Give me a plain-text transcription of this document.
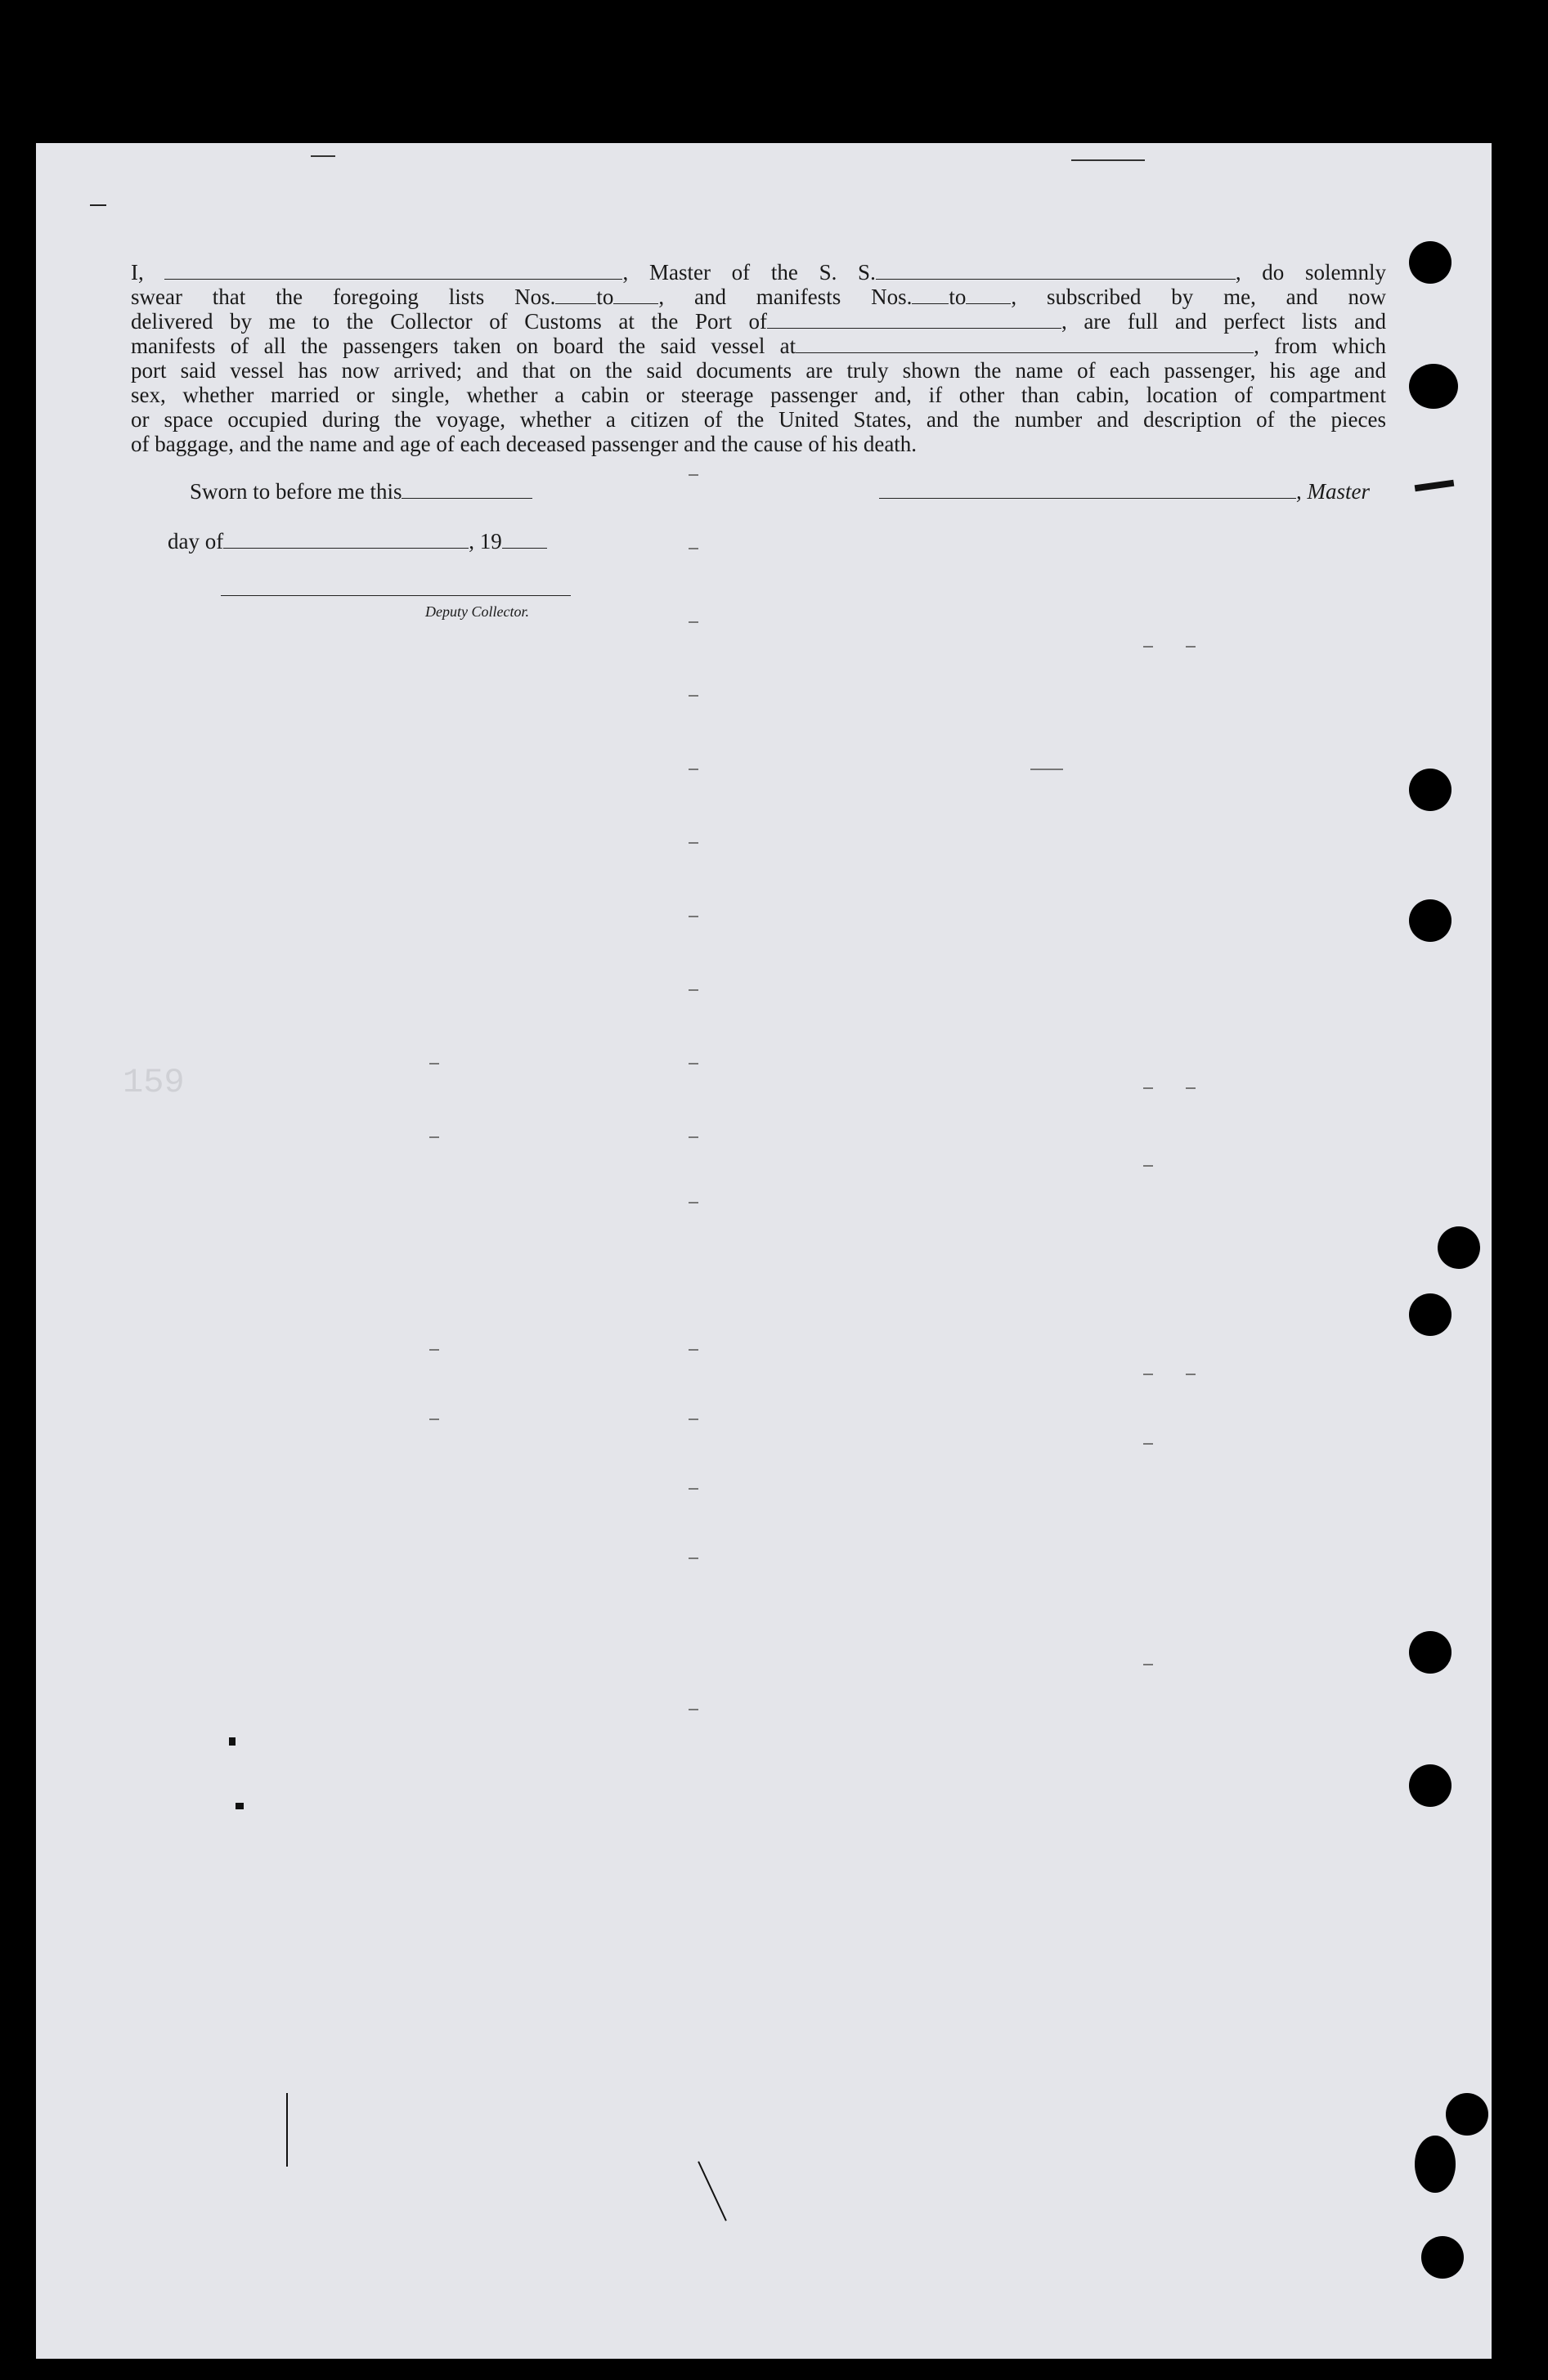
159
I,	, Master of the S. S.	, do solemnly
swear that the foregoing lists Nos. to , and manifests Nos. to , subscribed by me, and now
delivered by me to the Collector of Customs at the Port of	, are full and perfect lists and
manifests of all the passengers taken on board the said vessel at	, from which
port said vessel has now arrived; and that on the said documents are truly shown the name of each passenger, his age and
sex, whether married or single, whether a cabin or steerage passenger and, if other than cabin, location of compartment
or space occupied during the voyage, whether a citizen of the United States, and the number and description of the pieces
of baggage, and the name and age of each deceased passenger and the cause of his death.
Sworn to before me this	, Master
day of	, 19
Deputy Collector.
